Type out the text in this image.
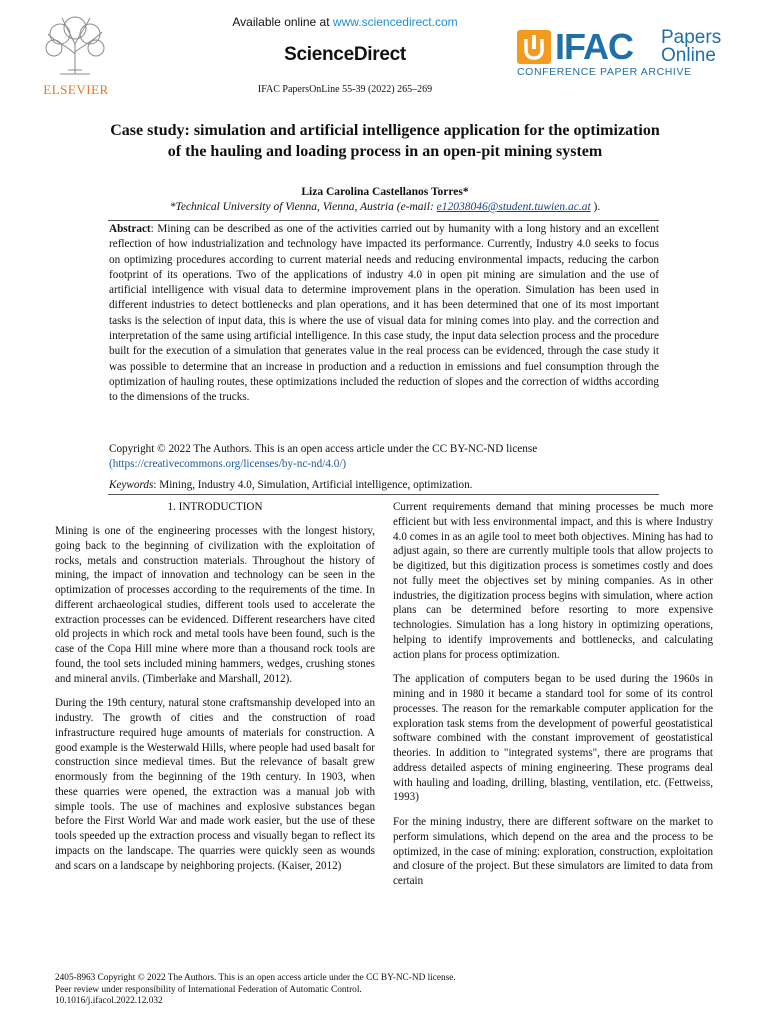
ELSEVIER
Available online at www.sciencedirect.com
ScienceDirect
IFAC PapersOnLine 55-39 (2022) 265–269
IFAC Papers
Online
CONFERENCE PAPER ARCHIVE
Case study: simulation and artificial intelligence application for the optimization of the hauling and loading process in an open-pit mining system
Liza Carolina Castellanos Torres*
*Technical University of Vienna, Vienna, Austria (e-mail: e12038046@student.tuwien.ac.at ).
Abstract: Mining can be described as one of the activities carried out by humanity with a long history and an excellent reflection of how industrialization and technology have impacted its performance. Currently, Industry 4.0 seeks to focus on optimizing procedures according to current material needs and reducing environmental impacts, reducing the carbon footprint of its operations. Two of the applications of industry 4.0 in open pit mining are simulation and the use of artificial intelligence with visual data to determine improvement plans in the operation. Simulation has been used in different industries to detect bottlenecks and plan operations, and it has been determined that one of its most important tasks is the selection of input data, this is where the use of visual data for mining comes into play. and the correction and interpretation of the same using artificial intelligence. In this case study, the input data selection process and the procedure built for the execution of a simulation that generates value in the real process can be evidenced, through the case study it was possible to determine that an increase in production and a reduction in emissions and fuel consumption through the optimization of hauling routes, these optimizations included the reduction of slopes and the correction of widths according to the dimensions of the trucks.
Copyright © 2022 The Authors. This is an open access article under the CC BY-NC-ND license
(https://creativecommons.org/licenses/by-nc-nd/4.0/)
Keywords: Mining, Industry 4.0, Simulation, Artificial intelligence, optimization.
1. INTRODUCTION

Mining is one of the engineering processes with the longest history, going back to the beginning of civilization with the exploitation of rocks, metals and construction materials. Throughout the history of mining, the impact of innovation and technology can be seen in the optimization of processes according to the requirements of the time. In different archaeological studies, different tools used to accelerate the extraction processes can be evidenced. Different researchers have cited old projects in which rock and metal tools have been found, such is the case of the Copa Hill mine where more than a thousand rock tools are found, the tool sets included mining hammers, wedges, crushing stones and mineral anvils. (Timberlake and Marshall, 2012).

During the 19th century, natural stone craftsmanship developed into an industry. The growth of cities and the construction of road infrastructure required huge amounts of materials for construction. A good example is the Westerwald Hills, where people had used basalt for construction since medieval times. But the relevance of basalt grew enormously from the beginning of the 19th century. In 1903, when these quarries were opened, the extraction was a manual job with simple tools. The use of machines and explosive substances began before the First World War and made work easier, but the use of these tools speeded up the extraction process and visually began to reflect its impacts on the landscape. The quarries were quickly seen as wounds and scars on a landscape by neighboring projects. (Kaiser, 2012)

Current requirements demand that mining processes be much more efficient but with less environmental impact, and this is where Industry 4.0 comes in as an agile tool to meet both objectives. Mining has had to adjust again, so there are currently multiple tools that allow projects to be digitized, but this digitization process is sometimes costly and does not fully meet the objectives set by mining companies. As in other industries, the digitization process begins with simulation, where action plans can be determined before resorting to more expensive technologies. Simulation has a long history in optimizing operations, helping to identify improvements and bottlenecks, and calculating action plans for process optimization.

The application of computers began to be used during the 1960s in mining and in 1980 it became a standard tool for some of its control processes. The reason for the remarkable computer application for the exploration task stems from the development of powerful geostatistical software combined with the constant improvement of geostatistical theories. In addition to "integrated systems", there are programs that address detailed aspects of mining engineering. These programs deal with hauling and loading, drilling, blasting, ventilation, etc. (Fettweiss, 1993)

For the mining industry, there are different software on the market to perform simulations, which depend on the area and the process to be optimized, in the case of mining: exploration, construction, exploitation and closure of the project. But these simulators are limited to data from certain

2405-8963 Copyright © 2022 The Authors. This is an open access article under the CC BY-NC-ND license.
Peer review under responsibility of International Federation of Automatic Control.
10.1016/j.ifacol.2022.12.032
